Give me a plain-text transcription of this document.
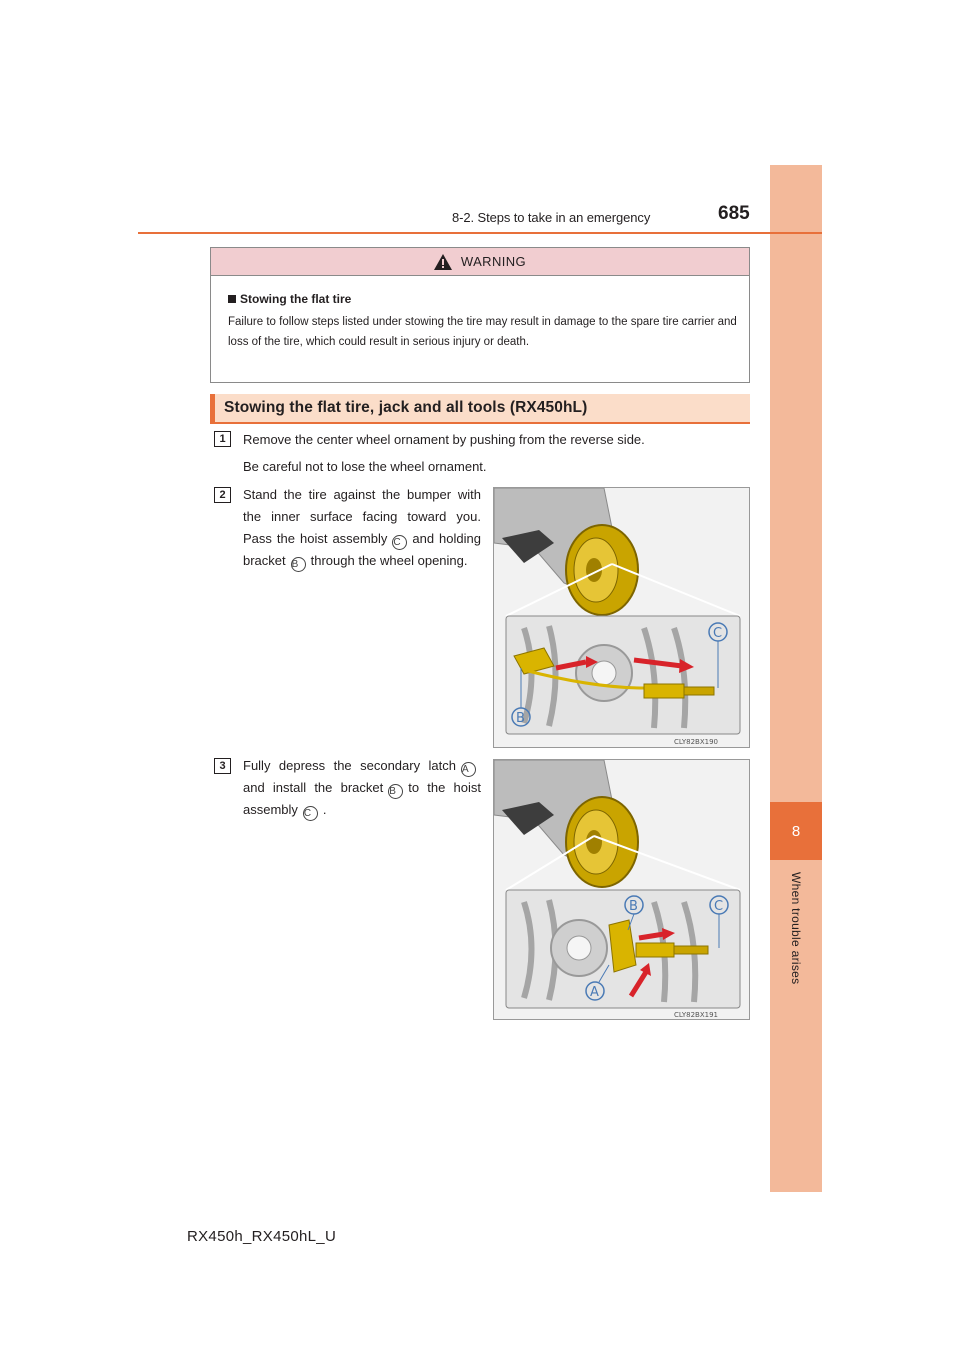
8
When trouble arises
8-2. Steps to take in an emergency	685
WARNING
Stowing the flat tire
Failure to follow steps listed under stowing the tire may result in damage to the spare tire carrier and loss of the tire, which could result in serious injury or death.
Stowing the flat tire, jack and all tools (RX450hL)
1	Remove the center wheel ornament by pushing from the reverse side.
Be careful not to lose the wheel ornament.
2	Stand the tire against the bumper with the inner surface facing toward you. Pass the hoist assembly C and holding bracket B through the wheel opening.
C
B
CLY82BX190
3	Fully depress the secondary latch Aand install the bracket B to the hoist assembly C .
B	C
A
CLY82BX191
RX450h_RX450hL_U
